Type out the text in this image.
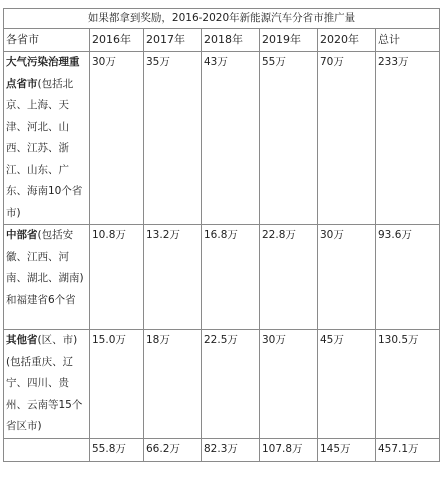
如果都拿到奖励，2016-2020年新能源汽车分省市推广量						
各省市	2016年	2017年	2018年	2019年	2020年	总计
大气污染治理重点省市(包括北京、上海、天津、河北、山西、江苏、浙江、山东、广东、海南10个省市)	30万	35万	43万	55万	70万	233万
中部省(包括安徽、江西、河南、湖北、湖南)和福建省6个省	10.8万	13.2万	16.8万	22.8万	30万	93.6万
其他省(区、市)(包括重庆、辽宁、四川、贵州、云南等15个省区市)	15.0万	18万	22.5万	30万	45万	130.5万
	55.8万	66.2万	82.3万	107.8万	145万	457.1万
